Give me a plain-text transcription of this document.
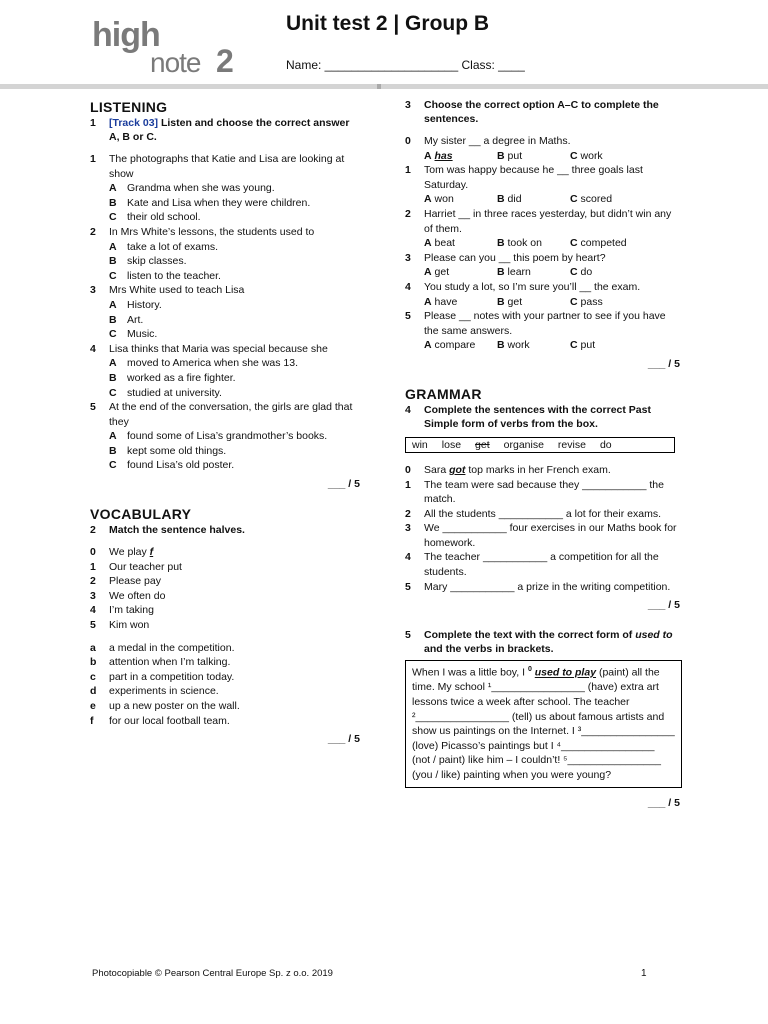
high
note 2
Unit test 2 | Group B
Name: ____________________ Class: ____
LISTENING
1	[Track 03] Listen and choose the correct answer A, B or C.
1	The photographs that Katie and Lisa are looking at show
A Grandma when she was young.
B Kate and Lisa when they were children.
C their old school.
2	In Mrs White’s lessons, the students used to
A take a lot of exams.
B skip classes.
C listen to the teacher.
3	Mrs White used to teach Lisa
A History.
B Art.
C Music.
4	Lisa thinks that Maria was special because she
A moved to America when she was 13.
B worked as a fire fighter.
C studied at university.
5	At the end of the conversation, the girls are glad that they
A found some of Lisa’s grandmother’s books.
B kept some old things.
C found Lisa’s old poster.
___ / 5
VOCABULARY
2	Match the sentence halves.
0	We play f
1	Our teacher put
2	Please pay
3	We often do
4	I’m taking
5	Kim won
a	a medal in the competition.
b	attention when I’m talking.
c	part in a competition today.
d	experiments in science.
e	up a new poster on the wall.
f	for our local football team.
___ / 5
3	Choose the correct option A–C to complete the sentences.
0	My sister __ a degree in Maths.
A has	B put	C work
1	Tom was happy because he __ three goals last Saturday.
A won	B did	C scored
2	Harriet __ in three races yesterday, but didn’t win any of them.
A beat	B took on	C competed
3	Please can you __ this poem by heart?
A get	B learn	C do
4	You study a lot, so I’m sure you’ll __ the exam.
A have	B get	C pass
5	Please __ notes with your partner to see if you have the same answers.
A compare	B work	C put
___ / 5
GRAMMAR
4	Complete the sentences with the correct Past Simple form of verbs from the box.
win lose get organise revise do
0	Sara got top marks in her French exam.
1	The team were sad because they ___________ the match.
2	All the students ___________ a lot for their exams.
3	We ___________ four exercises in our Maths book for homework.
4	The teacher ___________ a competition for all the students.
5	Mary ___________ a prize in the writing competition.
___ / 5
5	Complete the text with the correct form of used to and the verbs in brackets.
When I was a little boy, I $^0$ used to play (paint) all the time. My school ¹________________ (have) extra art lessons twice a week after school. The teacher ²________________ (tell) us about famous artists and show us paintings on the Internet. I ³________________ (love) Picasso’s paintings but I ⁴________________ (not / paint) like him – I couldn’t! ⁵________________ (you / like) painting when you were young?
___ / 5
Photocopiable © Pearson Central Europe Sp. z o.o. 2019	1
